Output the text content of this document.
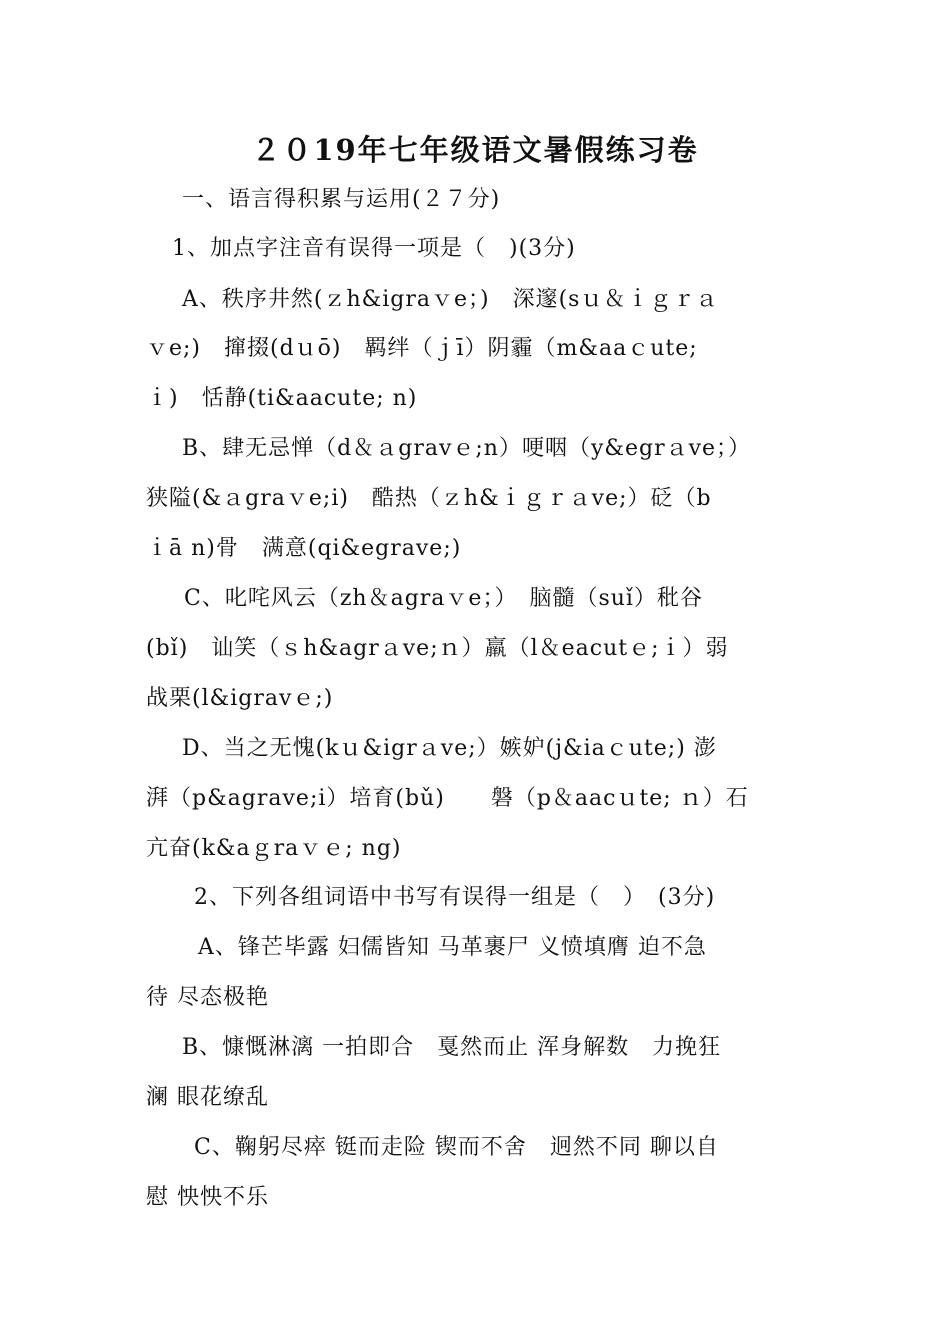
２０19年七年级语文暑假练习卷
一、语言得积累与运用(２７分)
1、加点字注音有误得一项是（　)(3分)
A、秩序井然(ｚh&igraｖe；)　深邃(sｕ＆ｉｇｒａ
ｖe;)　撺掇(dｕō)　羁绊（ｊī）阴霾（m&aaｃute;
ｉ)　恬静(ti&aacute; n)
B、肆无忌惮（d＆ａgravｅ;n）哽咽（y&egrａve；）
狭隘(&ａgraｖe;i)　酷热（ｚh&ｉｇｒａve;）砭（b
ｉā n)骨　满意(qi&egrave;)
C、叱咤风云（zh＆agraｖe；）　脑髓（suǐ）秕谷
(bǐ)　讪笑（ｓh&agrａve;ｎ）羸（l＆eacutｅ;ｉ）弱
战栗(l&igravｅ;)
D、当之无愧(kｕ&igrａve;）嫉妒(j&iaｃute;) 澎
湃（p&agrave;i）培育(bǔ)　　磐（p＆aacｕte; ｎ）石
亢奋(k&aｇraｖｅ; ng)
2、下列各组词语中书写有误得一组是（　）　(3分)
A、锋芒毕露 妇儒皆知 马革裹尸 义愤填膺 迫不急
待 尽态极艳
B、慷慨淋漓 一拍即合　戛然而止 浑身解数　力挽狂
澜 眼花缭乱
C、鞠躬尽瘁 铤而走险 锲而不舍　迥然不同 聊以自
慰 怏怏不乐
